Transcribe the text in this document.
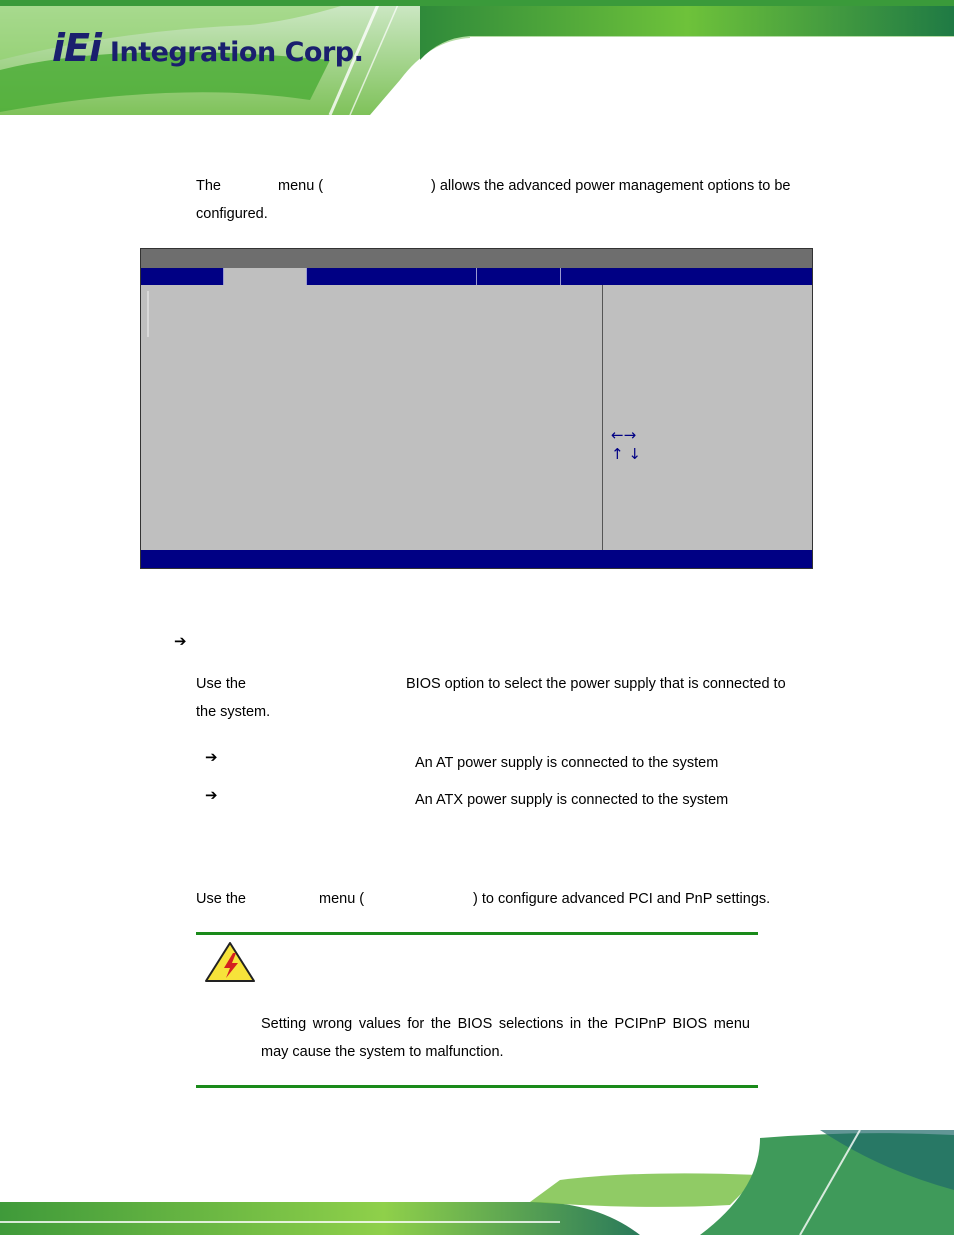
iEi Integration Corp.
The	menu (	) allows the advanced power management options to be
configured.
←→
↑ ↓
➔
Use the	BIOS option to select the power supply that is connected to
the system.
➔	An AT power supply is connected to the system
➔	An ATX power supply is connected to the system
Use the	menu (	) to configure advanced PCI and PnP settings.
Setting wrong values for the BIOS selections in the PCIPnP BIOS menu may cause the system to malfunction.
